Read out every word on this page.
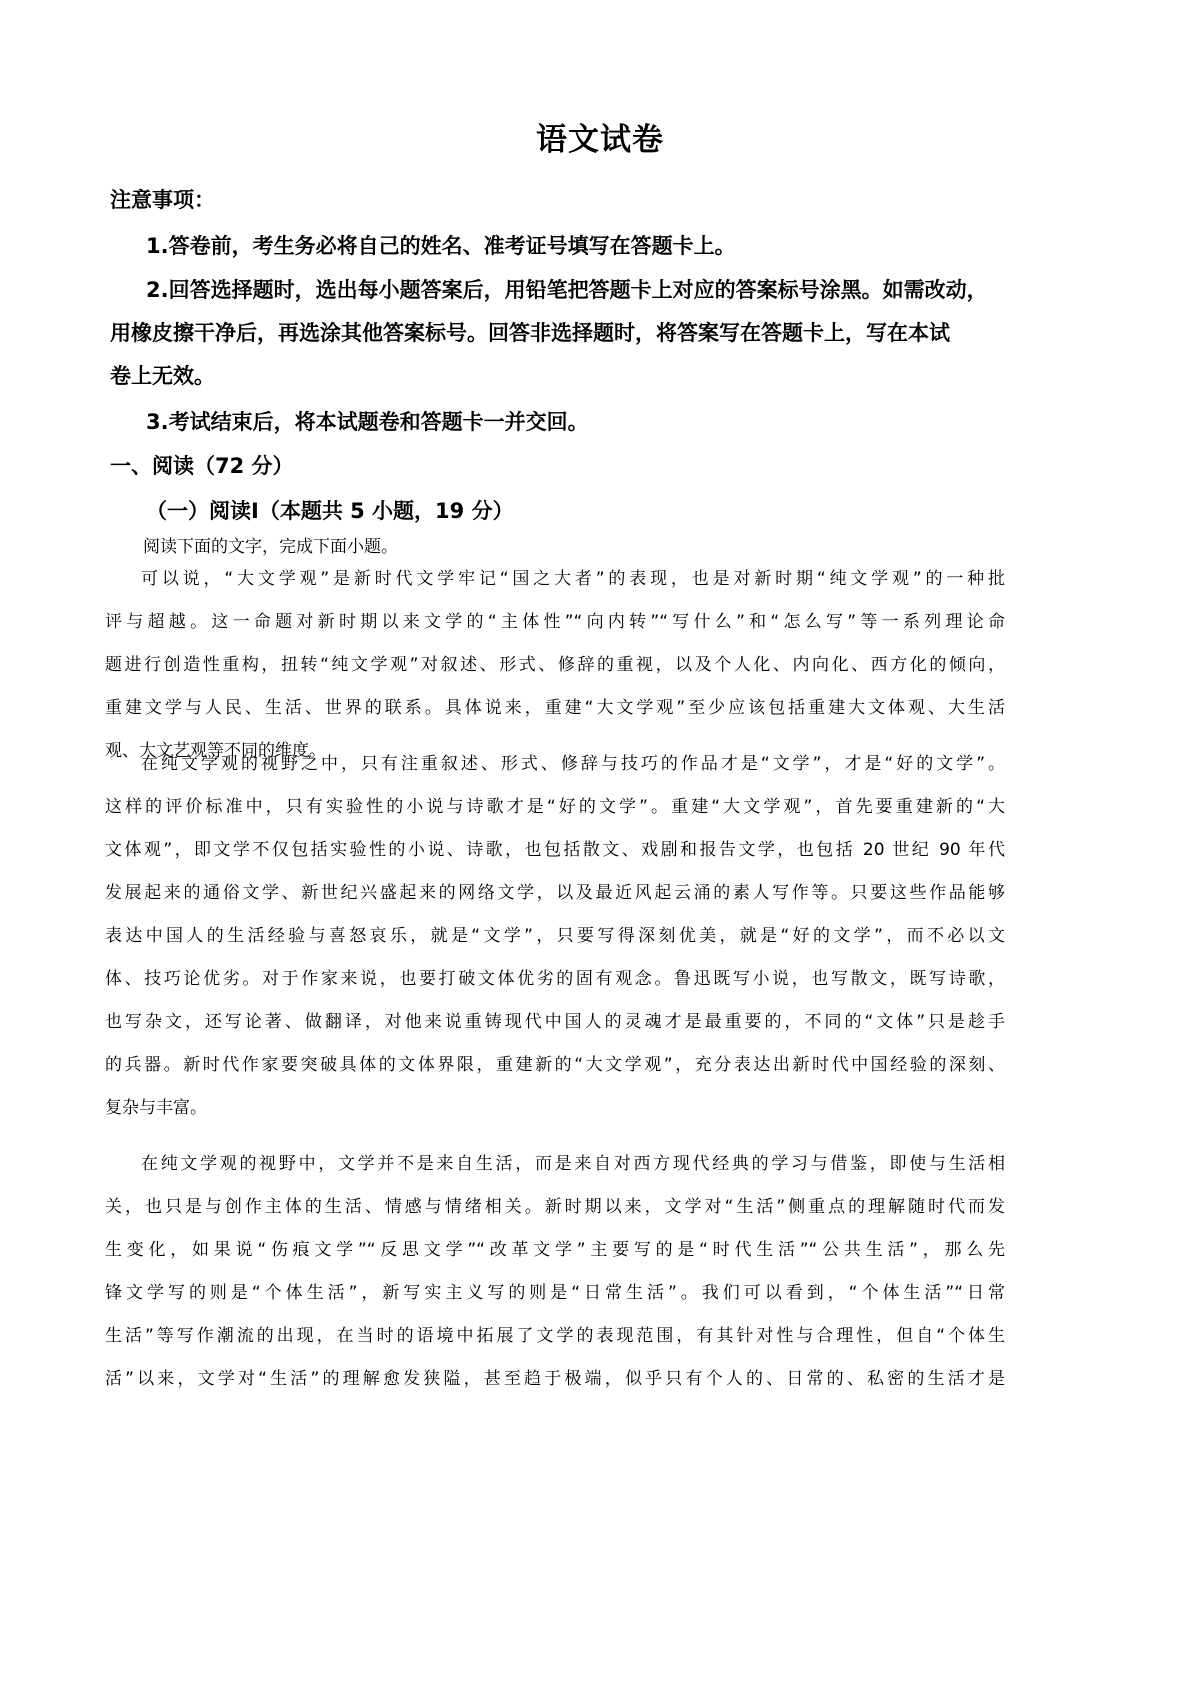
语文试卷
注意事项：
1.答卷前，考生务必将自己的姓名、准考证号填写在答题卡上。
2.回答选择题时，选出每小题答案后，用铅笔把答题卡上对应的答案标号涂黑。如需改动，
用橡皮擦干净后，再选涂其他答案标号。回答非选择题时，将答案写在答题卡上，写在本试
卷上无效。
3.考试结束后，将本试题卷和答题卡一并交回。
一、阅读（72 分）
（一）阅读Ⅰ（本题共 5 小题，19 分）
阅读下面的文字，完成下面小题。
可以说，“大文学观”是新时代文学牢记“国之大者”的表现，也是对新时期“纯文学观”的一种批
评与超越。这一命题对新时期以来文学的“主体性”“向内转”“写什么”和“怎么写”等一系列理论命
题进行创造性重构，扭转“纯文学观”对叙述、形式、修辞的重视，以及个人化、内向化、西方化的倾向，
重建文学与人民、生活、世界的联系。具体说来，重建“大文学观”至少应该包括重建大文体观、大生活
观、大文艺观等不同的维度。
在纯文学观的视野之中，只有注重叙述、形式、修辞与技巧的作品才是“文学”，才是“好的文学”。
这样的评价标准中，只有实验性的小说与诗歌才是“好的文学”。重建“大文学观”，首先要重建新的“大
文体观”，即文学不仅包括实验性的小说、诗歌，也包括散文、戏剧和报告文学，也包括 20 世纪 90 年代
发展起来的通俗文学、新世纪兴盛起来的网络文学，以及最近风起云涌的素人写作等。只要这些作品能够
表达中国人的生活经验与喜怒哀乐，就是“文学”，只要写得深刻优美，就是“好的文学”，而不必以文
体、技巧论优劣。对于作家来说，也要打破文体优劣的固有观念。鲁迅既写小说，也写散文，既写诗歌，
也写杂文，还写论著、做翻译，对他来说重铸现代中国人的灵魂才是最重要的，不同的“文体”只是趁手
的兵器。新时代作家要突破具体的文体界限，重建新的“大文学观”，充分表达出新时代中国经验的深刻、
复杂与丰富。
在纯文学观的视野中，文学并不是来自生活，而是来自对西方现代经典的学习与借鉴，即使与生活相
关，也只是与创作主体的生活、情感与情绪相关。新时期以来，文学对“生活”侧重点的理解随时代而发
生变化，如果说“伤痕文学”“反思文学”“改革文学”主要写的是“时代生活”“公共生活”，那么先
锋文学写的则是“个体生活”，新写实主义写的则是“日常生活”。我们可以看到，“个体生活”“日常
生活”等写作潮流的出现，在当时的语境中拓展了文学的表现范围，有其针对性与合理性，但自“个体生
活”以来，文学对“生活”的理解愈发狭隘，甚至趋于极端，似乎只有个人的、日常的、私密的生活才是
